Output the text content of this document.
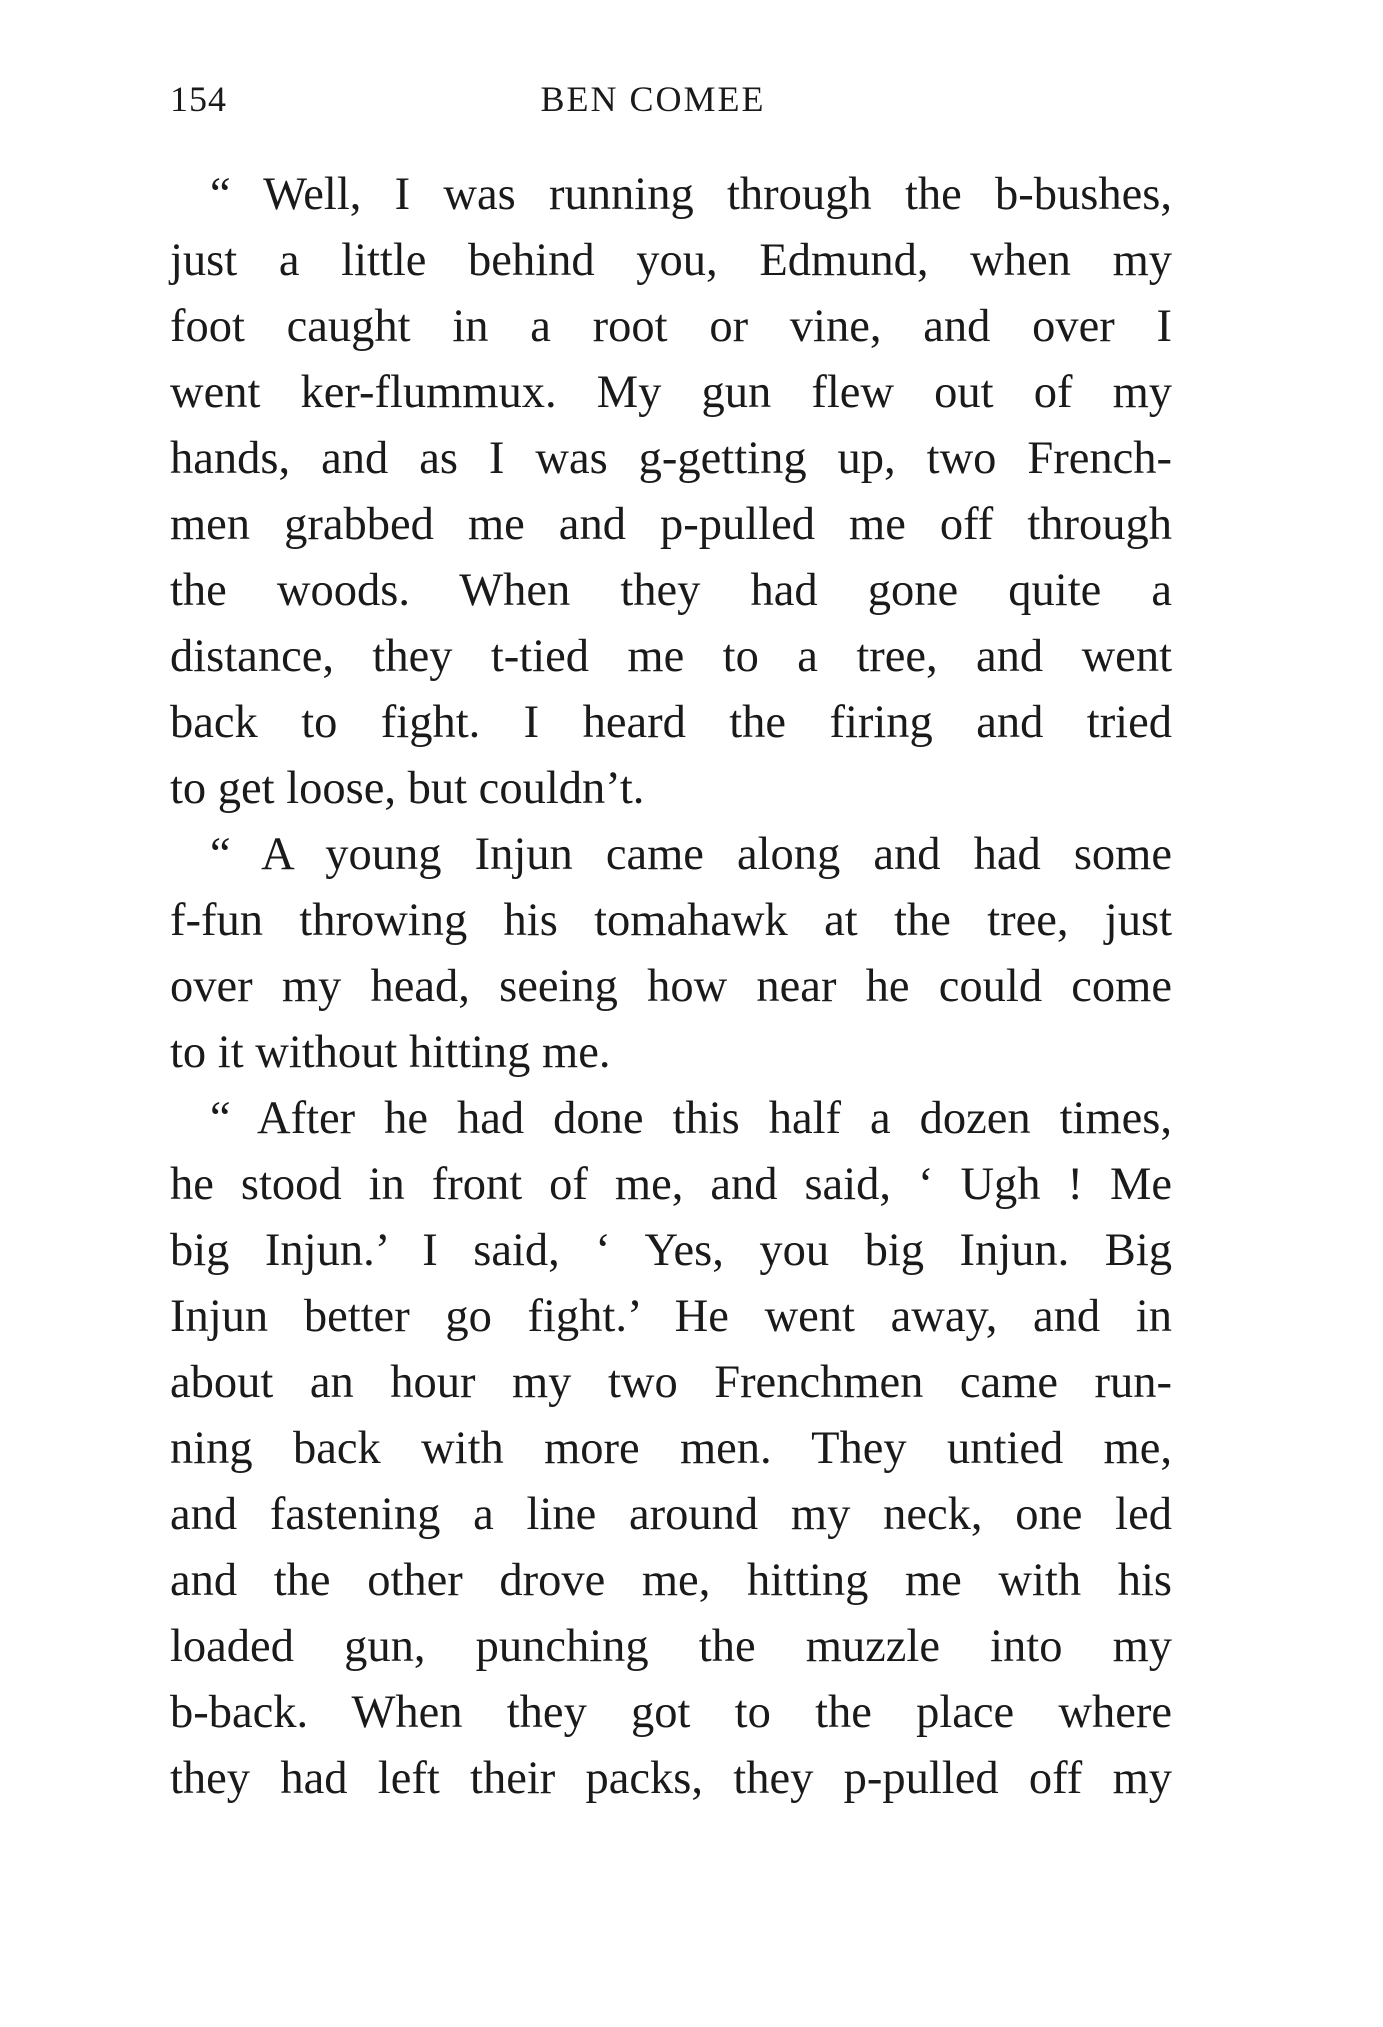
154	BEN COMEE
“ Well, I was running through the b-bushes,
just a little behind you, Edmund, when my
foot caught in a root or vine, and over I
went ker-flummux. My gun flew out of my
hands, and as I was g-getting up, two French-
men grabbed me and p-pulled me off through
the woods. When they had gone quite a
distance, they t-tied me to a tree, and went
back to fight. I heard the firing and tried
to get loose, but couldn’t.
“ A young Injun came along and had some
f-fun throwing his tomahawk at the tree, just
over my head, seeing how near he could come
to it without hitting me.
“ After he had done this half a dozen times,
he stood in front of me, and said, ‘ Ugh ! Me
big Injun.’ I said, ‘ Yes, you big Injun. Big
Injun better go fight.’ He went away, and in
about an hour my two Frenchmen came run-
ning back with more men. They untied me,
and fastening a line around my neck, one led
and the other drove me, hitting me with his
loaded gun, punching the muzzle into my
b-back. When they got to the place where
they had left their packs, they p-pulled off my
